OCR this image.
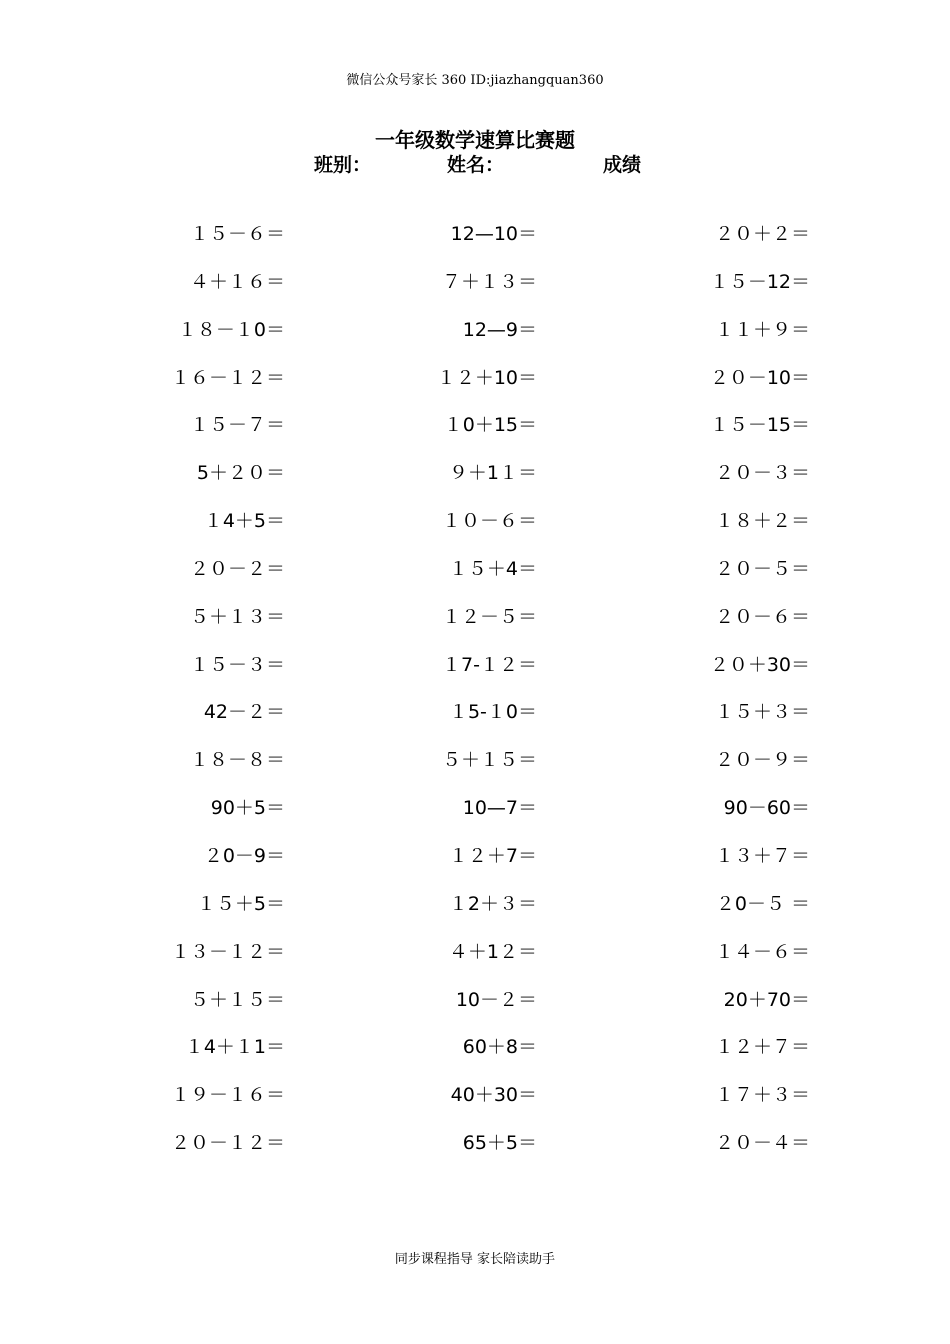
微信公众号家长 360 ID:jiazhangquan360
一年级数学速算比赛题
班别：	姓名：	成绩
１５－６＝	12—10＝	２０＋２＝
４＋１６＝	７＋１３＝	１５－12＝
１８－１0＝	12—9＝	１１＋９＝
１６－１２＝	１２＋10＝	２０－10＝
１５－７＝	１0＋15＝	１５－15＝
5＋２０＝	９＋1１＝	２０－３＝
１4＋5＝	１０－６＝	１８＋２＝
２０－２＝	１５＋4＝	２０－５＝
５＋１３＝	１２－５＝	２０－６＝
１５－３＝	１7-１２＝	２０＋30＝
42－２＝	１5-１0＝	１５＋３＝
１８－８＝	５＋１５＝	２０－９＝
90＋5＝	10—7＝	90－60＝
２0－9＝	１２＋7＝	１３＋７＝
１５＋5＝	１2＋３＝	２0－５ ＝
１３－１２＝	４＋1２＝	１４－６＝
５＋１５＝	10－２＝	20＋70＝
１4＋１1＝	60＋8＝	１２＋７＝
１９－１６＝	40＋30＝	１７＋３＝
２０－１２＝	65＋5＝	２０－４＝
同步课程指导 家长陪读助手
